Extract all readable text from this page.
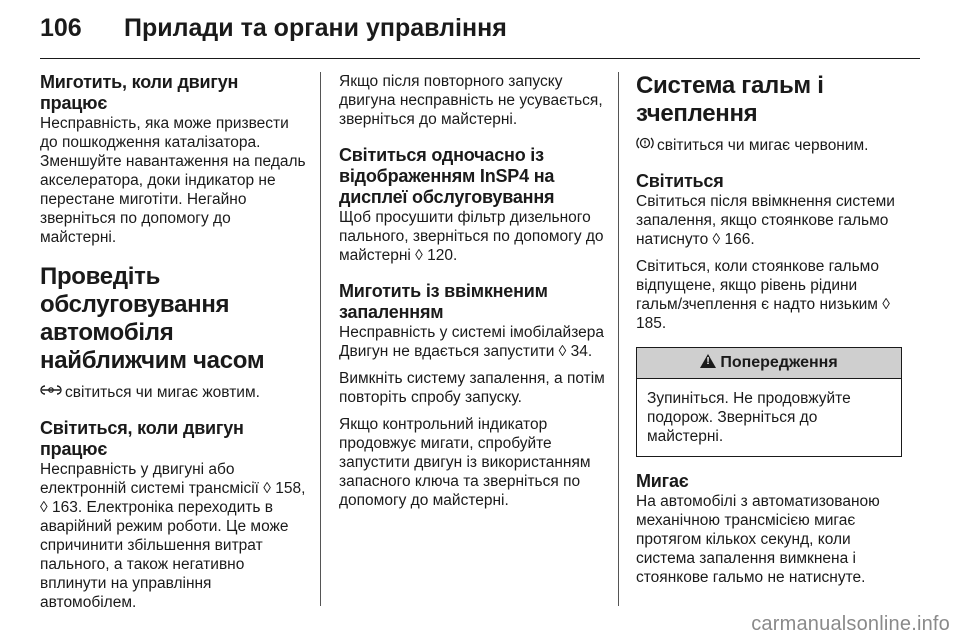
106	Прилади та органи управління
Миготить, коли двигун працює

Несправність, яка може призвести до пошкодження каталізатора. Зменшуйте навантаження на педаль акселератора, доки індикатор не перестане миготіти. Негайно зверніться по допомогу до майстерні.

Проведіть обслуговування автомобіля найближчим часом

світиться чи мигає жовтим.

Світиться, коли двигун працює

Несправність у двигуні або електронній системі трансмісії ◊ 158, ◊ 163. Електроніка переходить в аварійний режим роботи. Це може спричинити збільшення витрат пального, а також негативно вплинути на управління автомобілем.

Якщо після повторного запуску двигуна несправність не усувається, зверніться до майстерні.

Світиться одночасно із відображенням InSP4 на дисплеї обслуговування

Щоб просушити фільтр дизельного пального, зверніться по допомогу до майстерні ◊ 120.

Миготить із ввімкненим запаленням

Несправність у системі імобілайзера Двигун не вдається запустити ◊ 34.

Вимкніть систему запалення, а потім повторіть спробу запуску.

Якщо контрольний індикатор продовжує мигати, спробуйте запустити двигун із використанням запасного ключа та зверніться по допомогу до майстерні.

Система гальм і зчеплення

світиться чи мигає червоним.

Світиться

Світиться після ввімкнення системи запалення, якщо стоянкове гальмо натиснуто ◊ 166.

Світиться, коли стоянкове гальмо відпущене, якщо рівень рідини гальм/зчеплення є надто низьким ◊ 185.

!Попередження
Зупиніться. Не продовжуйте подорож. Зверніться до майстерні.
Мигає

На автомобілі з автоматизованою механічною трансмісією мигає протягом кількох секунд, коли система запалення вимкнена і стоянкове гальмо не натиснуте.

carmanualsonline.info
